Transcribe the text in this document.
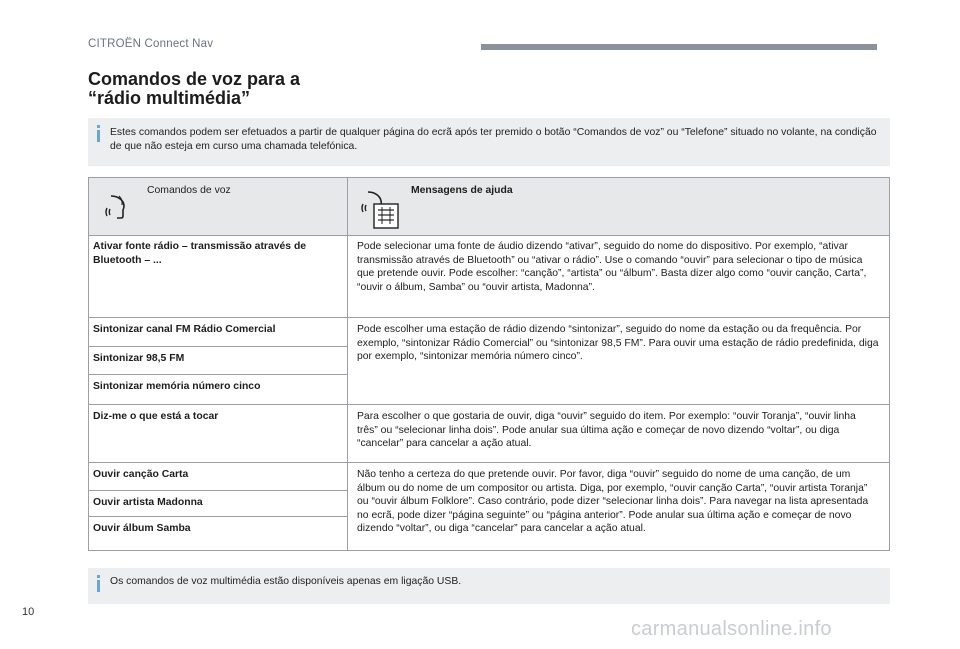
CITROËN Connect Nav
Comandos de voz para a
“rádio multimédia”
Estes comandos podem ser efetuados a partir de qualquer página do ecrã após ter premido o botão “Comandos de voz” ou “Telefone” situado no volante, na condição de que não esteja em curso uma chamada telefónica.
Comandos de voz	Mensagens de ajuda
Ativar fonte rádio – transmissão através de Bluetooth – ...
Pode selecionar uma fonte de áudio dizendo “ativar”, seguido do nome do dispositivo. Por exemplo, “ativar transmissão através de Bluetooth” ou “ativar o rádio”. Use o comando “ouvir” para selecionar o tipo de música que pretende ouvir. Pode escolher: “canção”, “artista” ou “álbum”. Basta dizer algo como “ouvir canção, Carta”, “ouvir o álbum, Samba” ou “ouvir artista, Madonna”.
Sintonizar canal FM Rádio Comercial
Sintonizar 98,5 FM
Sintonizar memória número cinco
Pode escolher uma estação de rádio dizendo “sintonizar”, seguido do nome da estação ou da frequência. Por exemplo, “sintonizar Rádio Comercial” ou “sintonizar 98,5 FM”. Para ouvir uma estação de rádio predefinida, diga por exemplo, “sintonizar memória número cinco”.
Diz-me o que está a tocar	Para escolher o que gostaria de ouvir, diga “ouvir” seguido do item. Por exemplo: “ouvir Toranja”, “ouvir linha três” ou “selecionar linha dois”. Pode anular sua última ação e começar de novo dizendo “voltar”, ou diga “cancelar” para cancelar a ação atual.
Ouvir canção Carta
Ouvir artista Madonna
Ouvir álbum Samba
Não tenho a certeza do que pretende ouvir. Por favor, diga “ouvir” seguido do nome de uma canção, de um álbum ou do nome de um compositor ou artista. Diga, por exemplo, “ouvir canção Carta”, “ouvir artista Toranja” ou “ouvir álbum Folklore”. Caso contrário, pode dizer “selecionar linha dois”. Para navegar na lista apresentada no ecrã, pode dizer “página seguinte” ou “página anterior”. Pode anular sua última ação e começar de novo dizendo “voltar”, ou diga “cancelar” para cancelar a ação atual.
Os comandos de voz multimédia estão disponíveis apenas em ligação USB.
10
carmanualsonline.info
